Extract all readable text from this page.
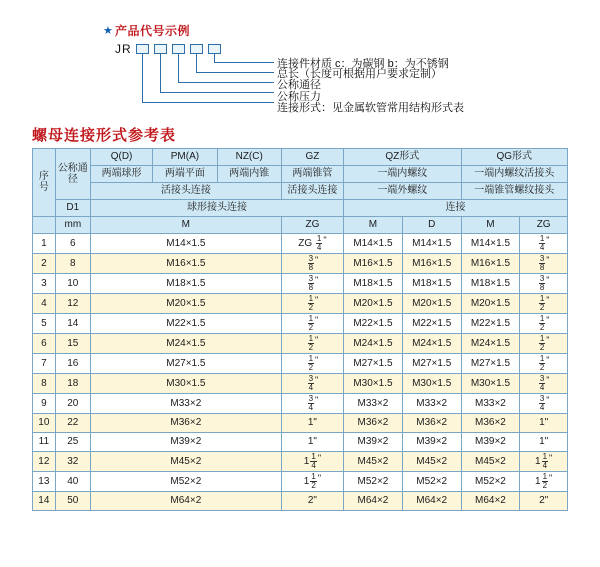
★ 产品代号示例
JR
连接件材质 c：为碳钢 b：为不锈钢
总长（长度可根据用户要求定制）
公称通径
公称压力
连接形式：见金属软管常用结构形式表
螺母连接形式参考表
序
号	公称通径	Q(D)	PM(A)	NZ(C)	GZ	QZ形式		QG形式	
		两端球形	两端平面	两端内锥	两端锥管	一端内螺纹		一端内螺纹活接头	
		活接头连接			活接头连接	一端外螺纹		一端锥管螺纹接头	
	D1	球形接头连接				连接			
	mm	M			ZG	M	D	M	ZG
1	6	M14×1.5			ZG $\frac{1}{4}$ "	M14×1.5	M14×1.5	M14×1.5	$\frac{1}{4}$ "
2	8	M16×1.5			$\frac{3}{8}$ "	M16×1.5	M16×1.5	M16×1.5	$\frac{3}{8}$ "
3	10	M18×1.5			$\frac{3}{8}$ "	M18×1.5	M18×1.5	M18×1.5	$\frac{3}{8}$ "
4	12	M20×1.5			$\frac{1}{2}$ "	M20×1.5	M20×1.5	M20×1.5	$\frac{1}{2}$ "
5	14	M22×1.5			$\frac{1}{2}$ "	M22×1.5	M22×1.5	M22×1.5	$\frac{1}{2}$ "
6	15	M24×1.5			$\frac{1}{2}$ "	M24×1.5	M24×1.5	M24×1.5	$\frac{1}{2}$ "
7	16	M27×1.5			$\frac{1}{2}$ "	M27×1.5	M27×1.5	M27×1.5	$\frac{1}{2}$ "
8	18	M30×1.5			$\frac{3}{4}$ "	M30×1.5	M30×1.5	M30×1.5	$\frac{3}{4}$ "
9	20	M33×2			$\frac{3}{4}$ "	M33×2	M33×2	M33×2	$\frac{3}{4}$ "
10	22	M36×2			1"	M36×2	M36×2	M36×2	1"
11	25	M39×2			1"	M39×2	M39×2	M39×2	1"
12	32	M45×2			$1 \frac{1}{4}$ "	M45×2	M45×2	M45×2	$1 \frac{1}{4}$ "
13	40	M52×2			$1 \frac{1}{2}$ "	M52×2	M52×2	M52×2	$1 \frac{1}{2}$ "
14	50	M64×2			2"	M64×2	M64×2	M64×2	2"
